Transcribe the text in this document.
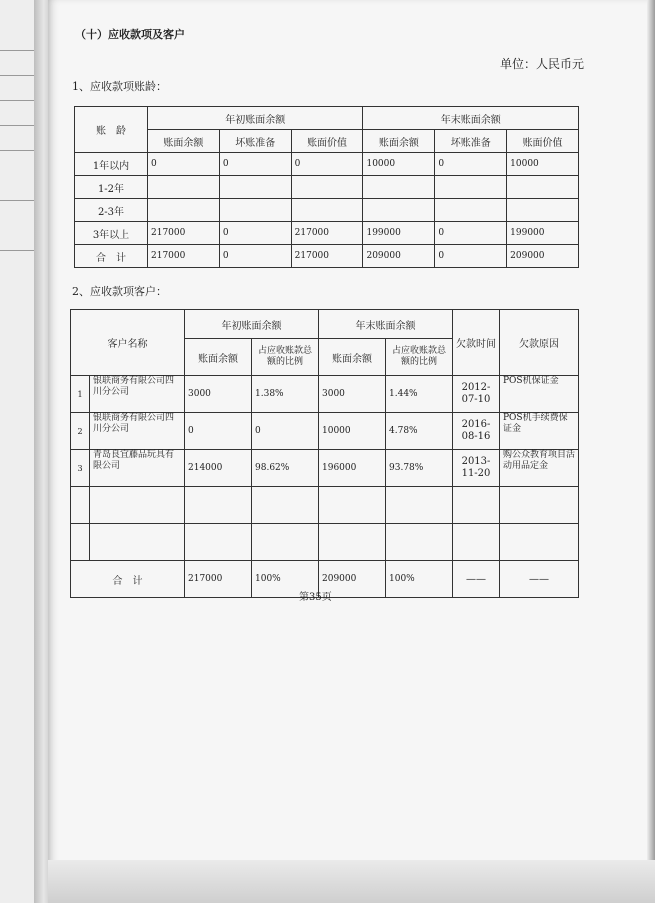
（十）应收款项及客户
单位：人民币元
1、应收款项账龄：
账　龄	年初账面余额			年末账面余额		
	账面余额	坏账准备	账面价值	账面余额	坏账准备	账面价值
1年以内	0	0	0	10000	0	10000
1-2年						
2-3年						
3年以上	217000	0	217000	199000	0	199000
合　计	217000	0	217000	209000	0	209000
2、应收款项客户：
客户名称		年初账面余额		年末账面余额		欠款时间	欠款原因
		账面余额	占应收账款总额的比例	账面余额	占应收账款总额的比例		
1	银联商务有限公司四川分公司	3000	1.38%	3000	1.44%	2012-07-10	POS机保证金
2	银联商务有限公司四川分公司	0	0	10000	4.78%	2016-08-16	POS机手续费保证金
3	青岛良宜藤品玩具有限公司	214000	98.62%	196000	93.78%	2013-11-20	购公众教育项目活动用品定金

合　计		217000	100%	209000	100%	——	——
第35页
